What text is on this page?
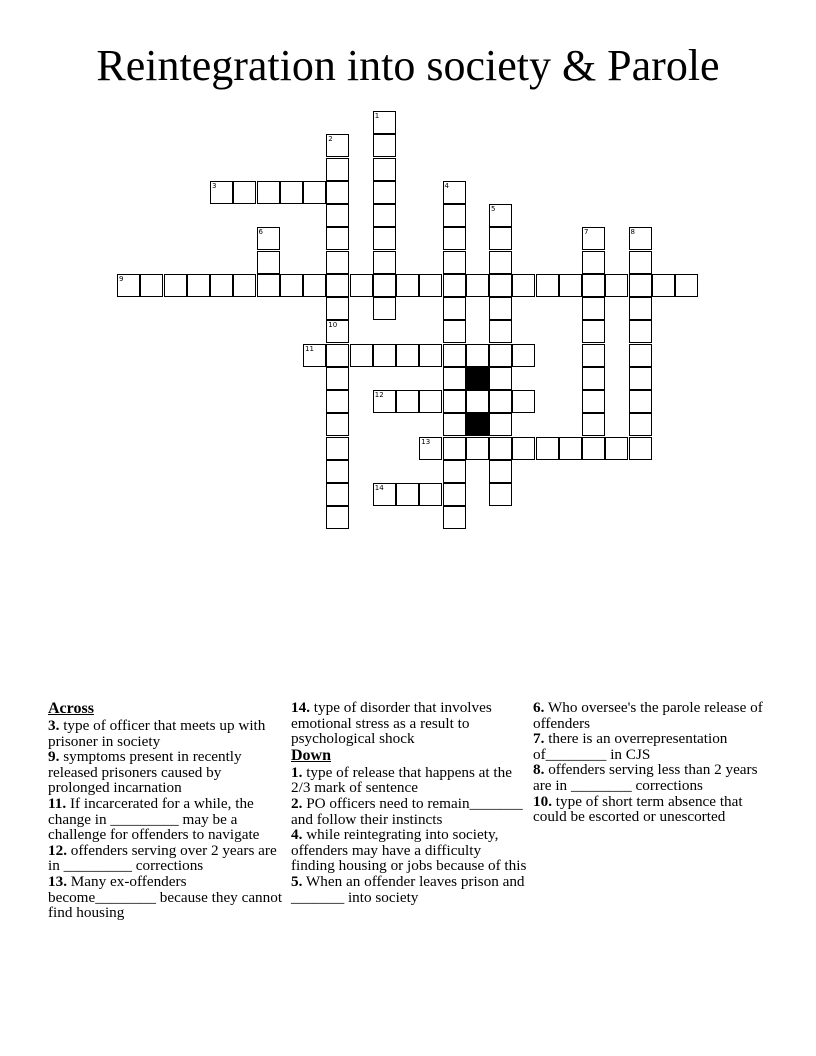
Reintegration into society & Parole
3
9
11
12
13
14
1
2
10
4
5
6	7	8
Across
3. type of officer that meets up with prisoner in society
9. symptoms present in recently released prisoners caused by prolonged incarnation
11. If incarcerated for a while, the change in _________ may be a challenge for offenders to navigate
12. offenders serving over 2 years are in _________ corrections
13. Many ex-offenders become________ because they cannot find housing
14. type of disorder that involves emotional stress as a result to psychological shock
Down
1. type of release that happens at the 2/3 mark of sentence
2. PO officers need to remain_______ and follow their instincts
4. while reintegrating into society, offenders may have a difficulty finding housing or jobs because of this
5. When an offender leaves prison and _______ into society
6. Who oversee's the parole release of offenders
7. there is an overrepresentation of________ in CJS
8. offenders serving less than 2 years are in ________ corrections
10. type of short term absence that could be escorted or unescorted
